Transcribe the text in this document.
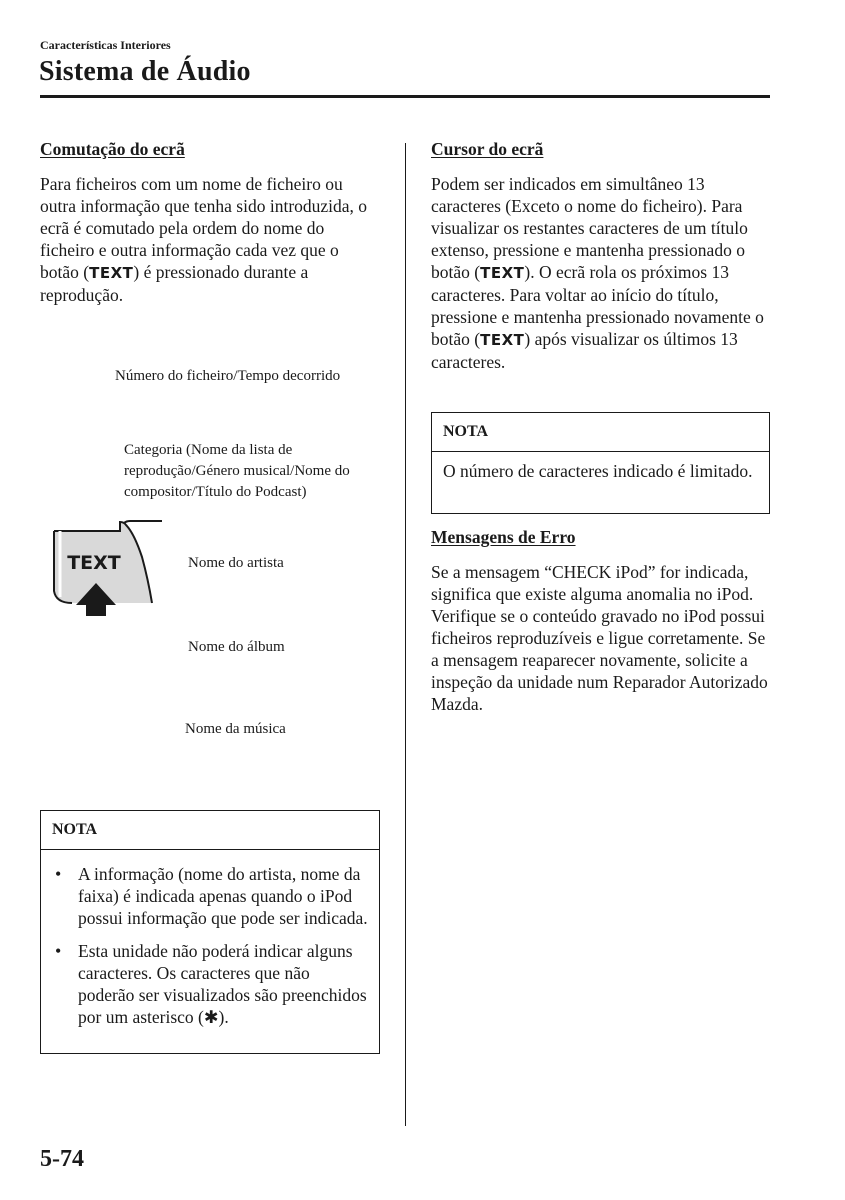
Características Interiores
Sistema de Áudio
Comutação do ecrã
Para ficheiros com um nome de ficheiro ou outra informação que tenha sido introduzida, o ecrã é comutado pela ordem do nome do ficheiro e outra informação cada vez que o botão (TEXT) é pressionado durante a reprodução.
Número do ficheiro/Tempo decorrido
Categoria (Nome da lista de reprodução/Género musical/Nome do compositor/Título do Podcast)
Nome do artista
Nome do álbum
Nome da música
TEXT
NOTA
• A informação (nome do artista, nome da faixa) é indicada apenas quando o iPod possui informação que pode ser indicada.
• Esta unidade não poderá indicar alguns caracteres. Os caracteres que não poderão ser visualizados são preenchidos por um asterisco (✱).
Cursor do ecrã
Podem ser indicados em simultâneo 13 caracteres (Exceto o nome do ficheiro). Para visualizar os restantes caracteres de um título extenso, pressione e mantenha pressionado o botão (TEXT). O ecrã rola os próximos 13 caracteres. Para voltar ao início do título, pressione e mantenha pressionado novamente o botão (TEXT) após visualizar os últimos 13 caracteres.
NOTA
O número de caracteres indicado é limitado.
Mensagens de Erro
Se a mensagem “CHECK iPod” for indicada, significa que existe alguma anomalia no iPod. Verifique se o conteúdo gravado no iPod possui ficheiros reproduzíveis e ligue corretamente. Se a mensagem reaparecer novamente, solicite a inspeção da unidade num Reparador Autorizado Mazda.
5-74
